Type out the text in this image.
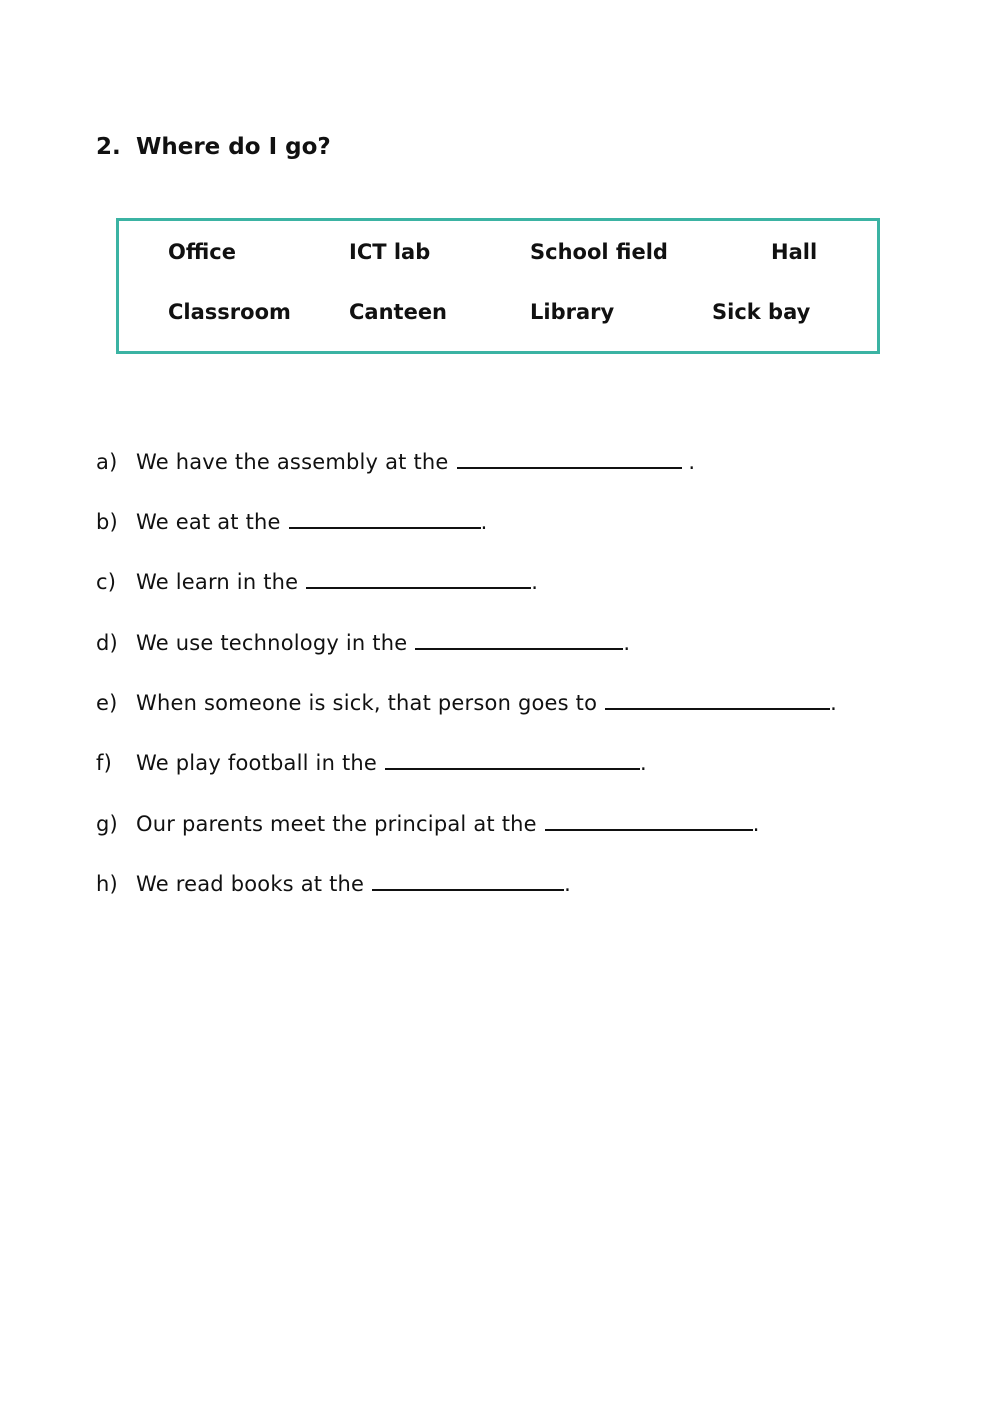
2. Where do I go?
Office	ICT lab	School field	Hall
Classroom	Canteen	Library	Sick bay
a) We have the assembly at the	.
b) We eat at the	.
c) We learn in the	.
d) We use technology in the	.
e) When someone is sick, that person goes to	.
f) We play football in the	.
g) Our parents meet the principal at the	.
h) We read books at the	.
